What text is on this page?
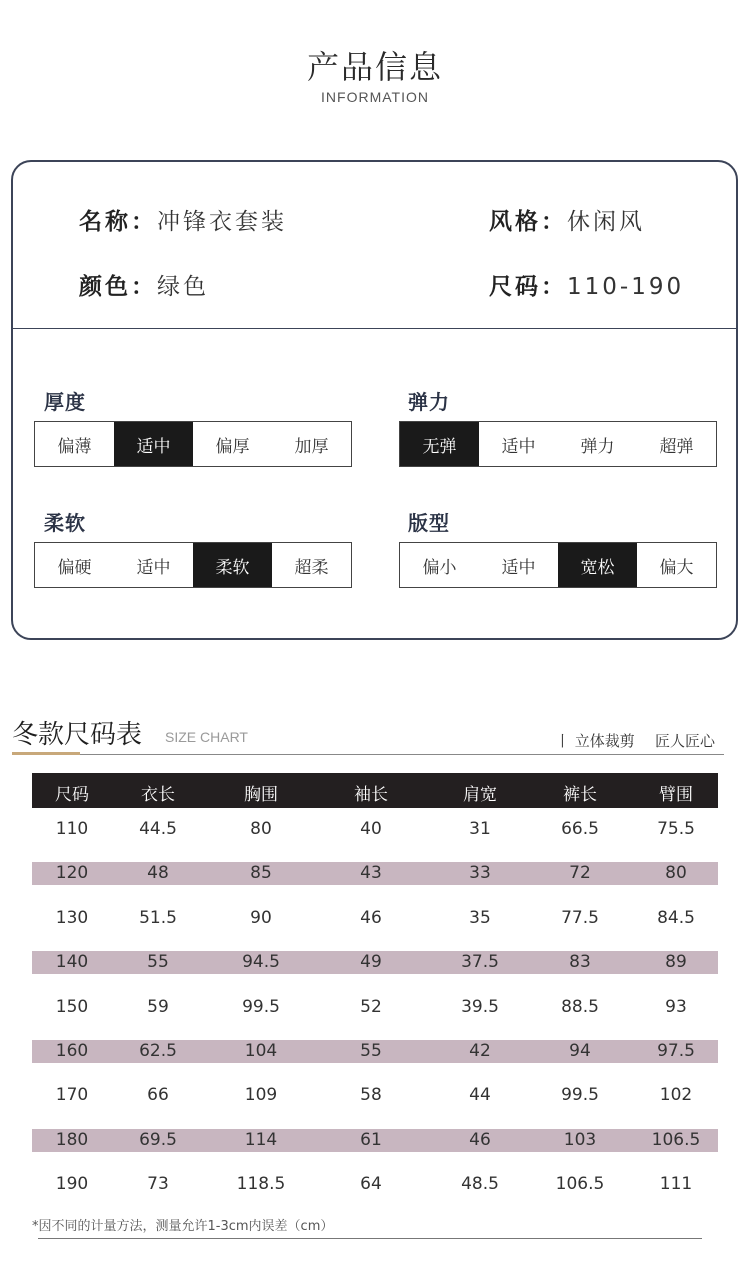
产品信息
INFORMATION
名称：冲锋衣套装	风格：休闲风
颜色：绿色	尺码：110-190
厚度
偏薄	适中	偏厚	加厚
弹力
无弹	适中	弹力	超弹
柔软
偏硬	适中	柔软	超柔
版型
偏小	适中	宽松	偏大
冬款尺码表 SIZE CHART	丨 立体裁剪 匠人匠心
尺码	衣长	胸围	袖长	肩宽	裤长	臂围
110	44.5	80	40	31	66.5	75.5
120	48	85	43	33	72	80
130	51.5	90	46	35	77.5	84.5
140	55	94.5	49	37.5	83	89
150	59	99.5	52	39.5	88.5	93
160	62.5	104	55	42	94	97.5
170	66	109	58	44	99.5	102
180	69.5	114	61	46	103	106.5
190	73	118.5	64	48.5	106.5	111
*因不同的计量方法，测量允许1-3cm内误差（cm）
